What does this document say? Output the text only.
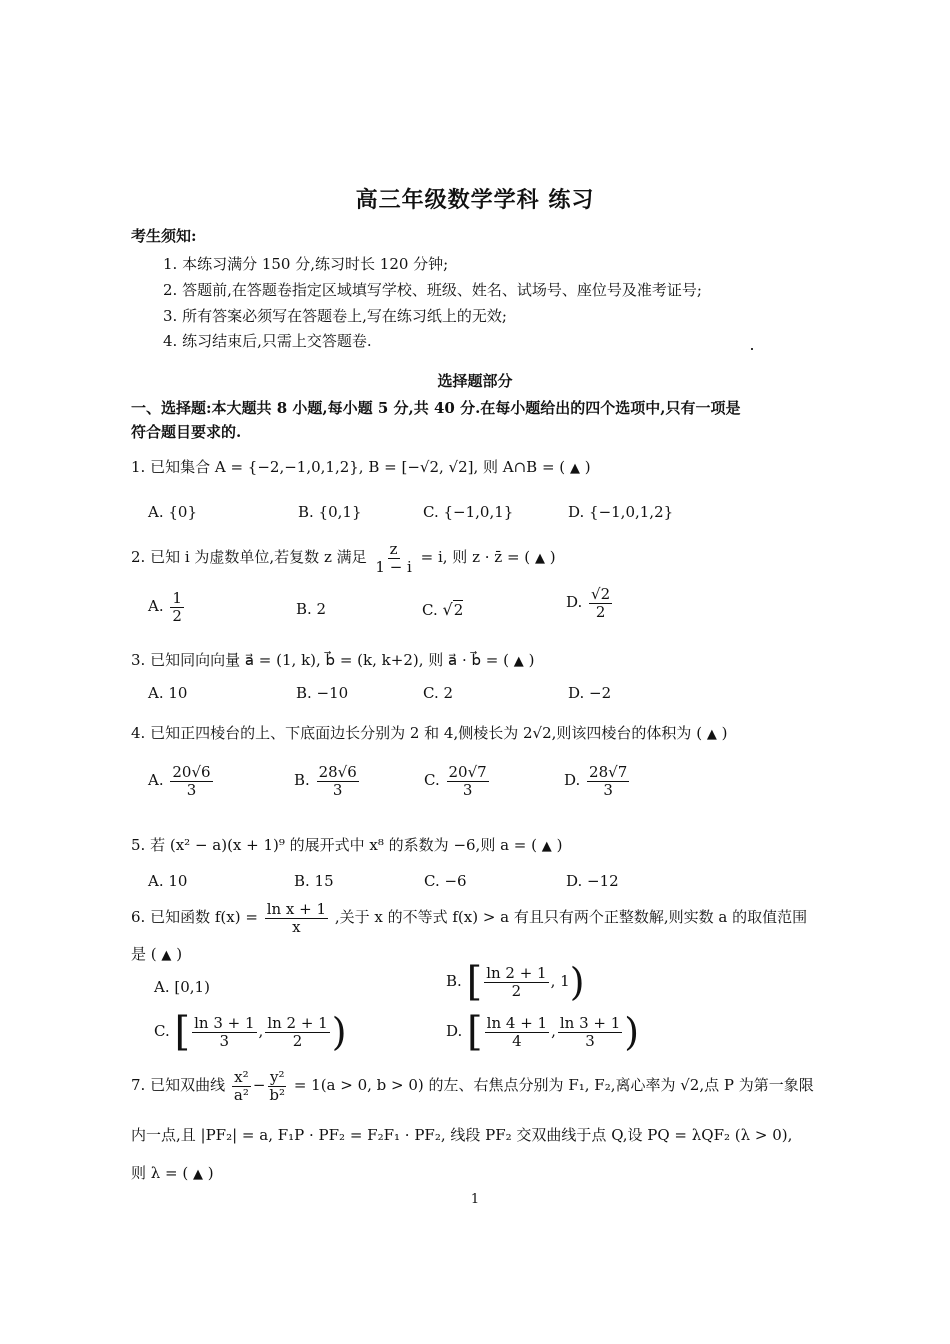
高三年级数学学科 练习
考生须知:
1. 本练习满分 150 分,练习时长 120 分钟;
2. 答题前,在答题卷指定区域填写学校、班级、姓名、试场号、座位号及准考证号;
3. 所有答案必须写在答题卷上,写在练习纸上的无效;
4. 练习结束后,只需上交答题卷.
选择题部分
一、选择题:本大题共 8 小题,每小题 5 分,共 40 分.在每小题给出的四个选项中,只有一项是
符合题目要求的.
1. 已知集合 A = {−2,−1,0,1,2}, B = [−√2, √2], 则 A∩B = ( ▲ )
A. {0}	B. {0,1}	C. {−1,0,1}	D. {−1,0,1,2}
2. 已知 i 为虚数单位,若复数 z 满足 $\frac{z}{1 - i} = i$, 则 z · z̄ = ( ▲ )
A. $\frac{1}{2}$	B. 2	C. √2	D. $\frac{√2}{2}$
3. 已知同向向量 a⃗ = (1, k), b⃗ = (k, k+2), 则 a⃗ · b⃗ = ( ▲ )
A. 10	B. −10	C. 2	D. −2
4. 已知正四棱台的上、下底面边长分别为 2 和 4,侧棱长为 2√2,则该四棱台的体积为 ( ▲ )
A. $\frac{20√6}{3}$	B. $\frac{28√6}{3}$	C. $\frac{20√7}{3}$	D. $\frac{28√7}{3}$
5. 若 (x² − a)(x + 1)⁹ 的展开式中 x⁸ 的系数为 −6,则 a = ( ▲ )
A. 10	B. 15	C. −6	D. −12
6. 已知函数 $f(x) = \frac{\text{ln x + 1}}{x}$ ,关于 x 的不等式 f(x) > a 有且只有两个正整数解,则实数 a 的取值范围
是 ( ▲ )
A. [0,1)	B. [ $\frac{\ln 2 + 1}{2}$ , 1)
C. [ $\frac{\ln 3 + 1}{3}$ , $\frac{\ln 2 + 1}{2}$ )	D. [ $\frac{\ln 4 + 1}{4}$ , $\frac{\ln 3 + 1}{3}$ )
7. 已知双曲线 $\frac{\text{x²}}{\text{a²}} - \frac{\text{y²}}{\text{b²}} = 1(a > 0$, b > 0) 的左、右焦点分别为 F₁, F₂,离心率为 √2,点 P 为第一象限
内一点,且 |PF₂| = a, F₁P · PF₂ = F₂F₁ · PF₂, 线段 PF₂ 交双曲线于点 Q,设 PQ = λQF₂ (λ > 0),
则 λ = ( ▲ )
1
